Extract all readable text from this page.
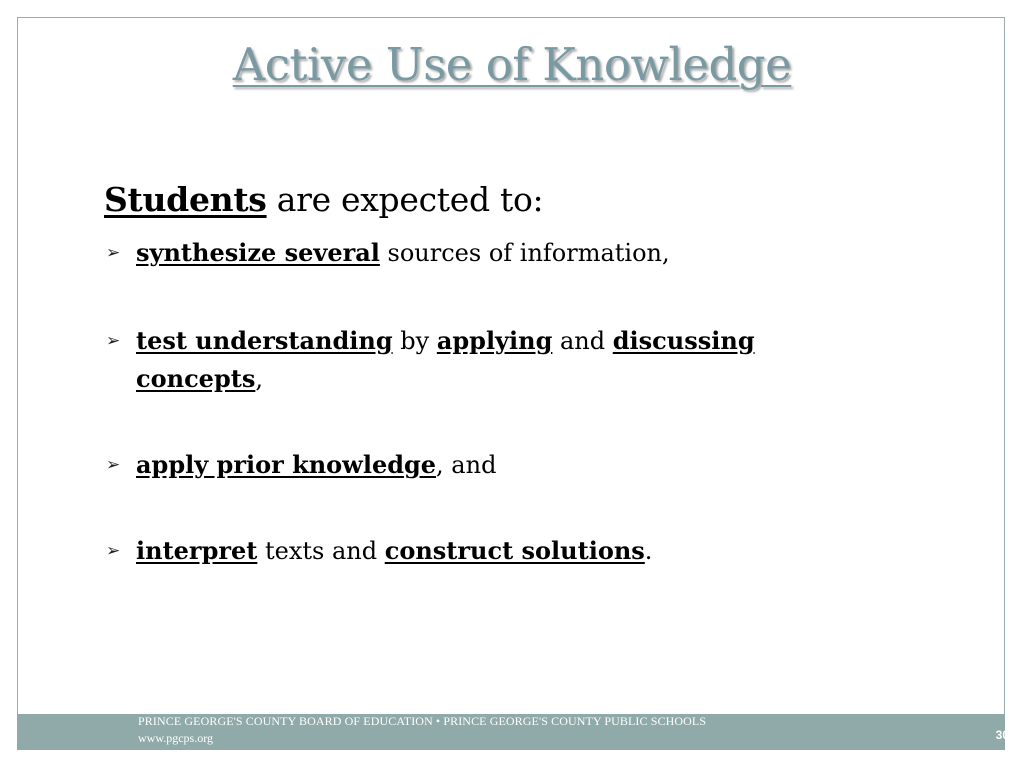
Active Use of Knowledge
Students are expected to:
➢ synthesize several sources of information,
➢ test understanding by applying and discussing concepts,
➢ apply prior knowledge, and
➢ interpret texts and construct solutions.
PRINCE GEORGE'S COUNTY BOARD OF EDUCATION • PRINCE GEORGE'S COUNTY PUBLIC SCHOOLS
www.pgcps.org	30
